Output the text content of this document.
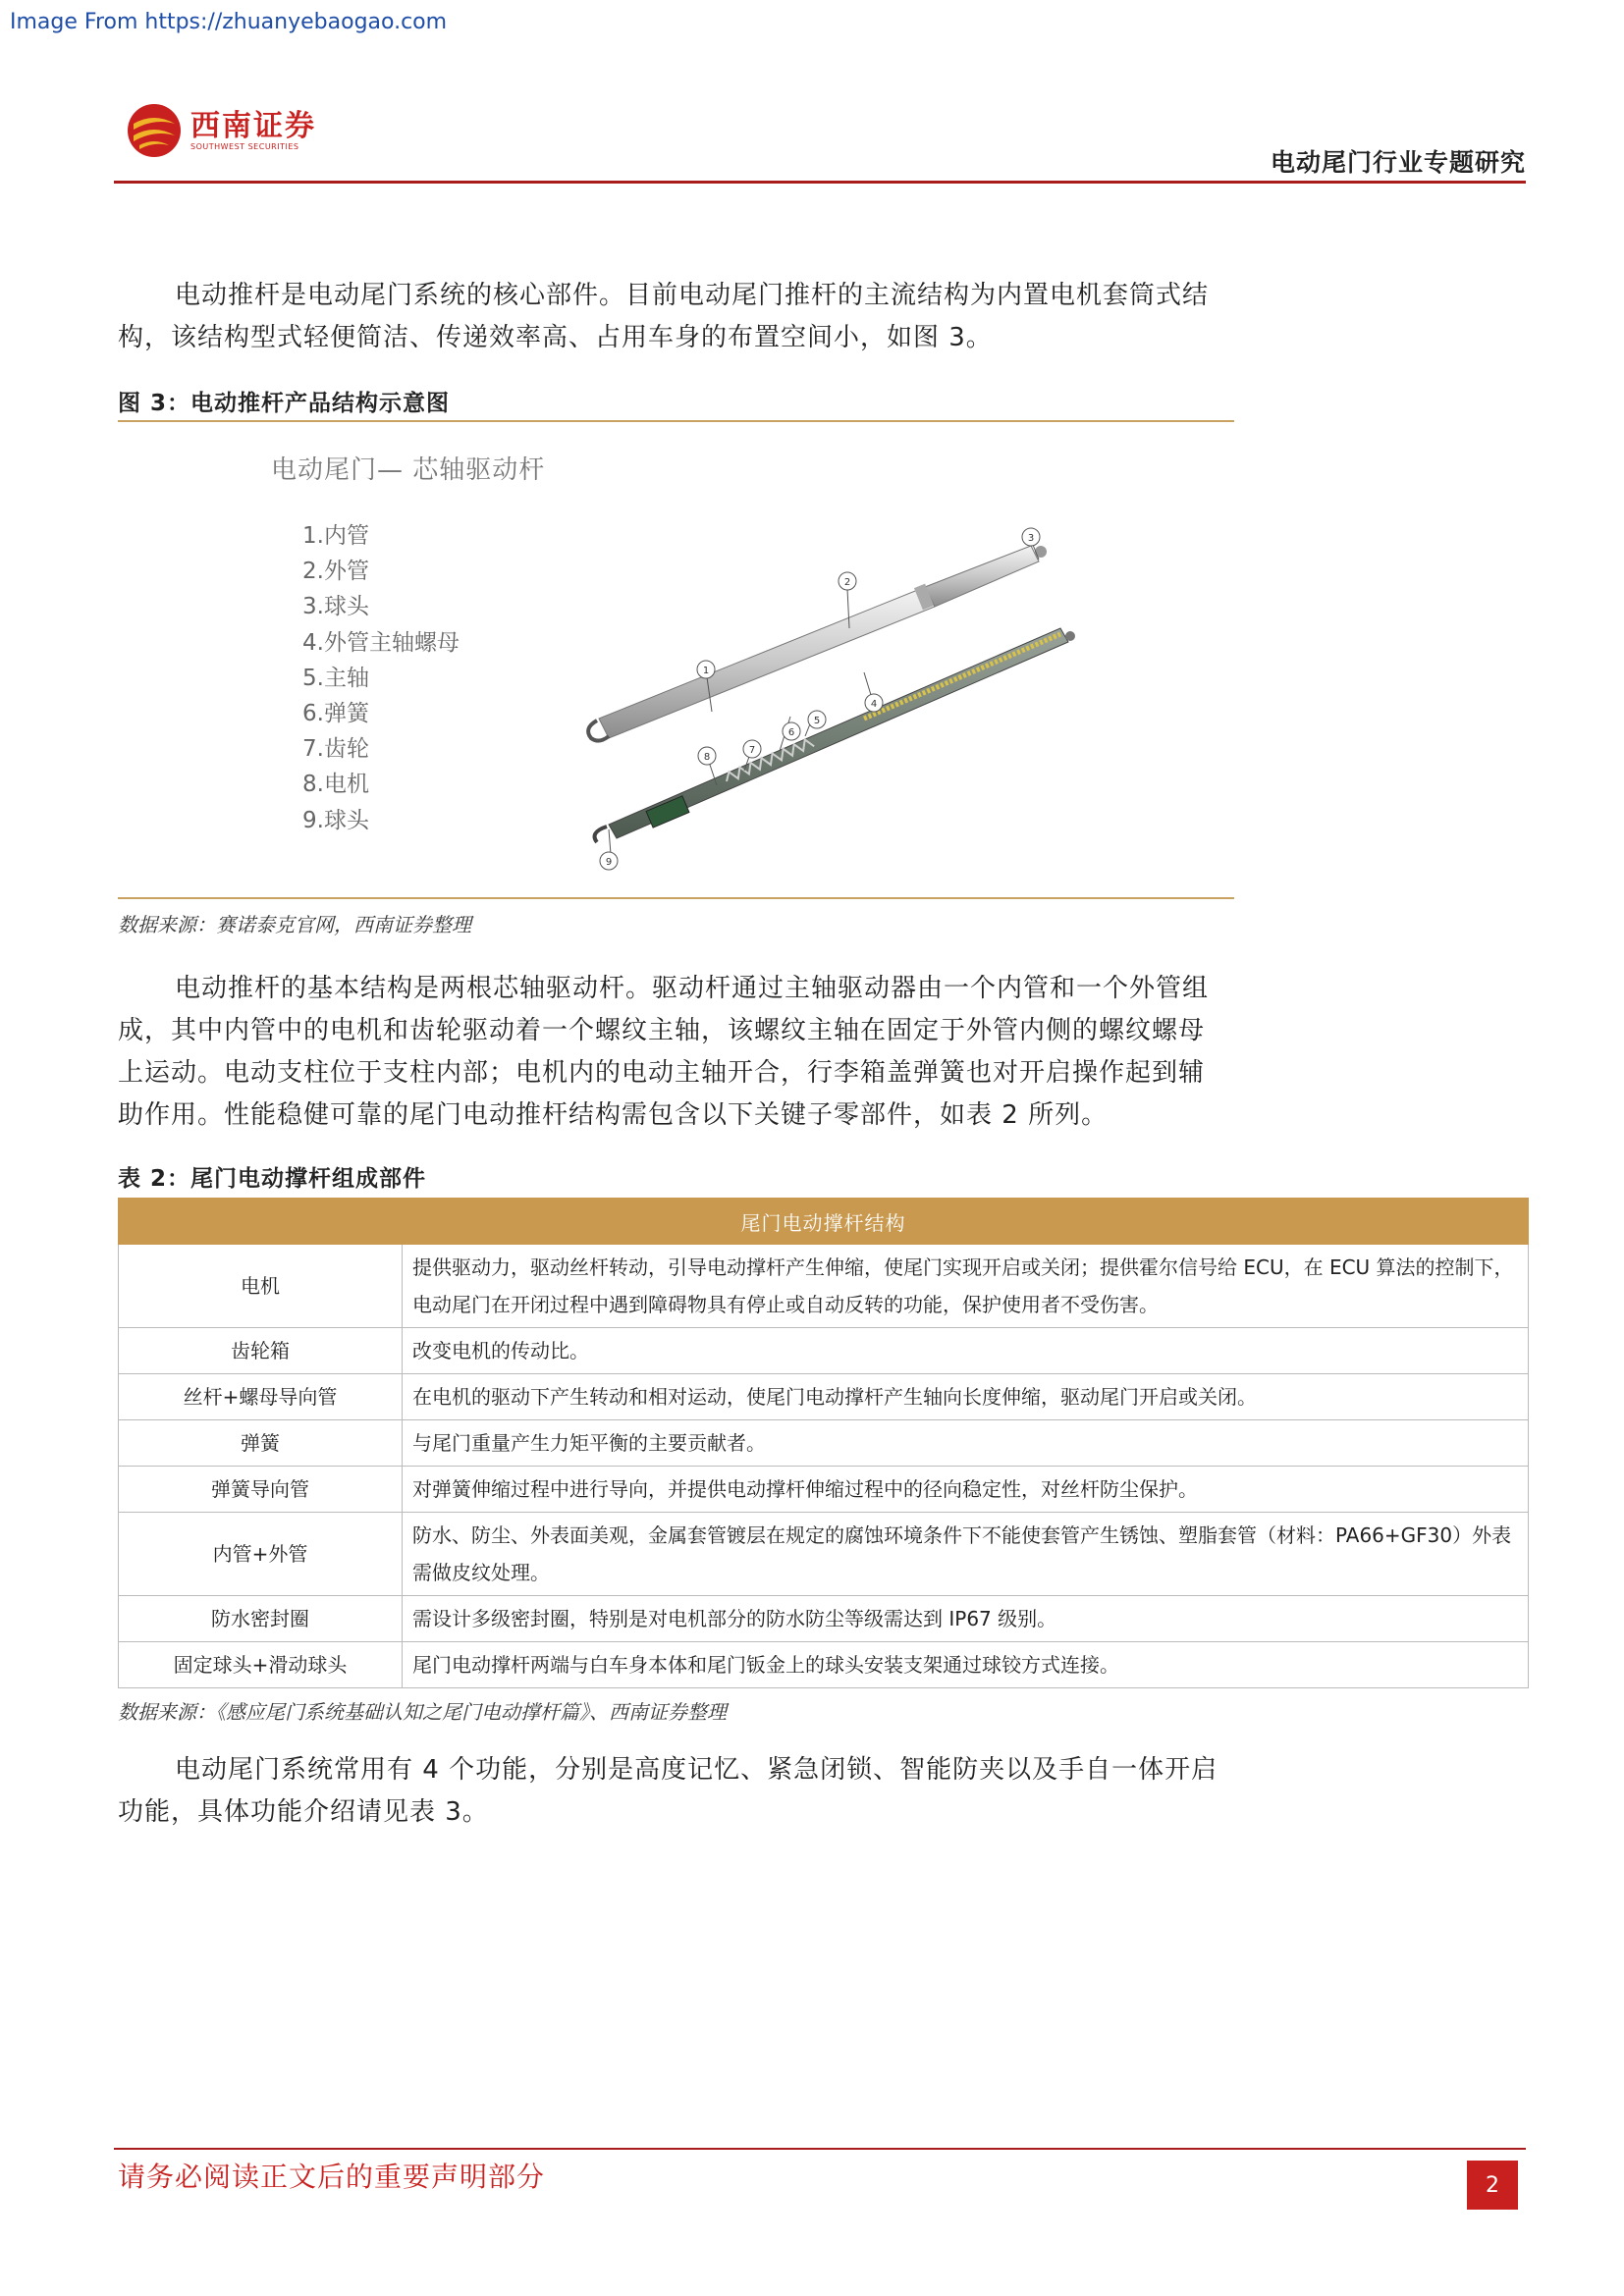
Image From https://zhuanyebaogao.com
西南证券
SOUTHWEST SECURITIES
电动尾门行业专题研究

电动推杆是电动尾门系统的核心部件。目前电动尾门推杆的主流结构为内置电机套筒式结构，该结构型式轻便简洁、传递效率高、占用车身的布置空间小，如图 3。

图 3：电动推杆产品结构示意图
电动尾门— 芯轴驱动杆
1.内管
2.外管
3.球头
4.外管主轴螺母
5.主轴
6.弹簧
7.齿轮
8.电机
9.球头
1
2
3
4
5
6
7
8
9
数据来源：赛诺泰克官网，西南证券整理

电动推杆的基本结构是两根芯轴驱动杆。驱动杆通过主轴驱动器由一个内管和一个外管组成，其中内管中的电机和齿轮驱动着一个螺纹主轴，该螺纹主轴在固定于外管内侧的螺纹螺母上运动。电动支柱位于支柱内部；电机内的电动主轴开合，行李箱盖弹簧也对开启操作起到辅助作用。性能稳健可靠的尾门电动推杆结构需包含以下关键子零部件，如表 2 所列。

表 2：尾门电动撑杆组成部件
尾门电动撑杆结构	
电机	提供驱动力，驱动丝杆转动，引导电动撑杆产生伸缩，使尾门实现开启或关闭；提供霍尔信号给 ECU，在 ECU 算法的控制下，电动尾门在开闭过程中遇到障碍物具有停止或自动反转的功能，保护使用者不受伤害。
齿轮箱	改变电机的传动比。
丝杆+螺母导向管	在电机的驱动下产生转动和相对运动，使尾门电动撑杆产生轴向长度伸缩，驱动尾门开启或关闭。
弹簧	与尾门重量产生力矩平衡的主要贡献者。
弹簧导向管	对弹簧伸缩过程中进行导向，并提供电动撑杆伸缩过程中的径向稳定性，对丝杆防尘保护。
内管+外管	防水、防尘、外表面美观，金属套管镀层在规定的腐蚀环境条件下不能使套管产生锈蚀、塑脂套管（材料：PA66+GF30）外表需做皮纹处理。
防水密封圈	需设计多级密封圈，特别是对电机部分的防水防尘等级需达到 IP67 级别。
固定球头+滑动球头	尾门电动撑杆两端与白车身本体和尾门钣金上的球头安装支架通过球铰方式连接。
数据来源：《感应尾门系统基础认知之尾门电动撑杆篇》、西南证券整理

电动尾门系统常用有 4 个功能，分别是高度记忆、紧急闭锁、智能防夹以及手自一体开启功能，具体功能介绍请见表 3。

请务必阅读正文后的重要声明部分	2
